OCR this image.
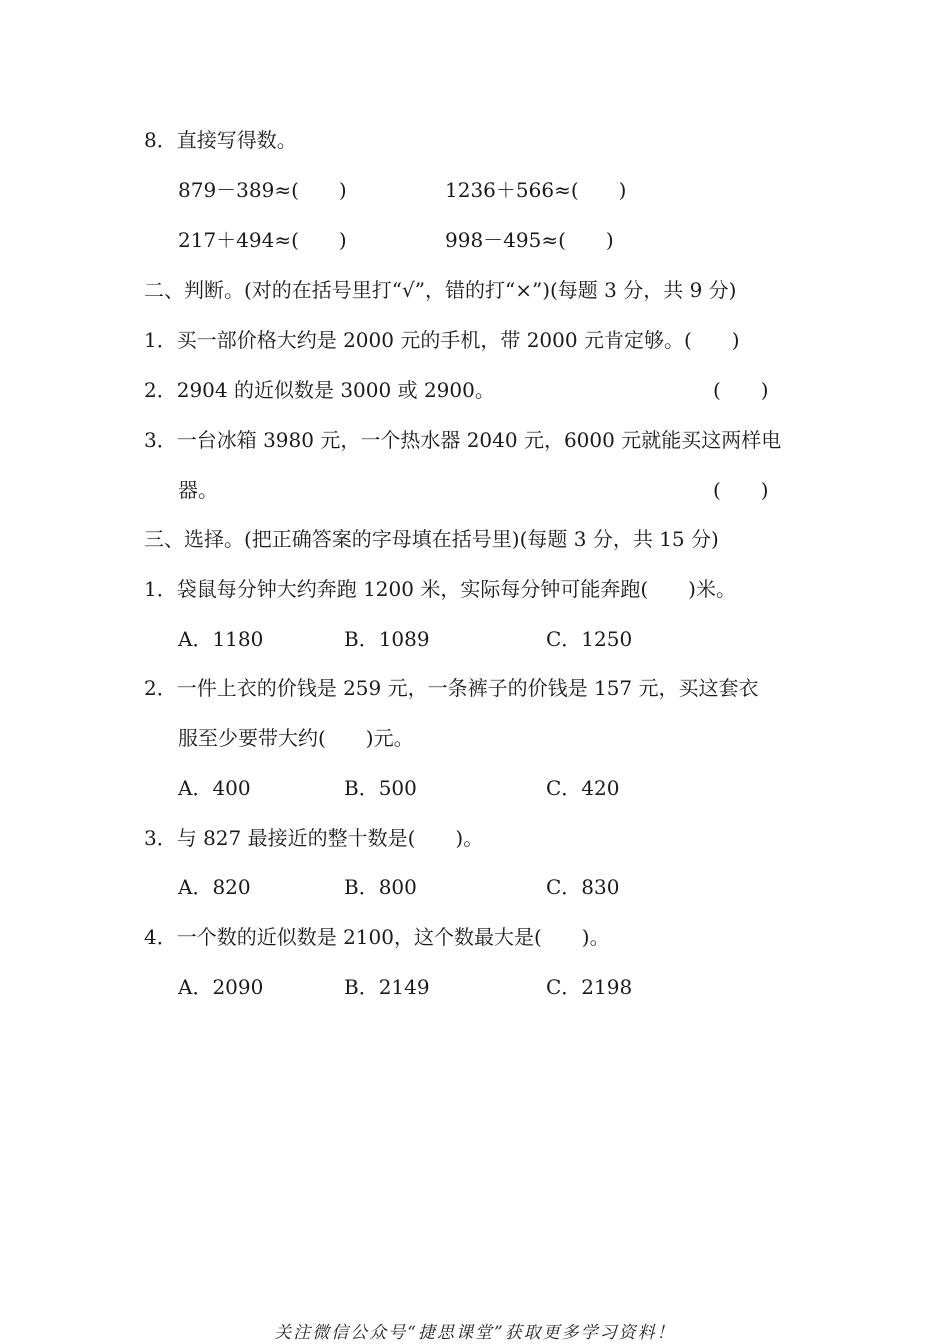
8．直接写得数。
879－389≈(　　)	1236＋566≈(　　)
217＋494≈(　　)	998－495≈(　　)
二、判断。(对的在括号里打“√”，错的打“×”)(每题 3 分，共 9 分)
1．买一部价格大约是 2000 元的手机，带 2000 元肯定够。(　　)
2．2904 的近似数是 3000 或 2900。	(　　)
3．一台冰箱 3980 元，一个热水器 2040 元，6000 元就能买这两样电
器。	(　　)
三、选择。(把正确答案的字母填在括号里)(每题 3 分，共 15 分)
1．袋鼠每分钟大约奔跑 1200 米，实际每分钟可能奔跑(　　)米。
A．1180	B．1089	C．1250
2．一件上衣的价钱是 259 元，一条裤子的价钱是 157 元，买这套衣
服至少要带大约(　　)元。
A．400	B．500	C．420
3．与 827 最接近的整十数是(　　)。
A．820	B．800	C．830
4．一个数的近似数是 2100，这个数最大是(　　)。
A．2090	B．2149	C．2198
关注微信公众号“捷思课堂”获取更多学习资料！
